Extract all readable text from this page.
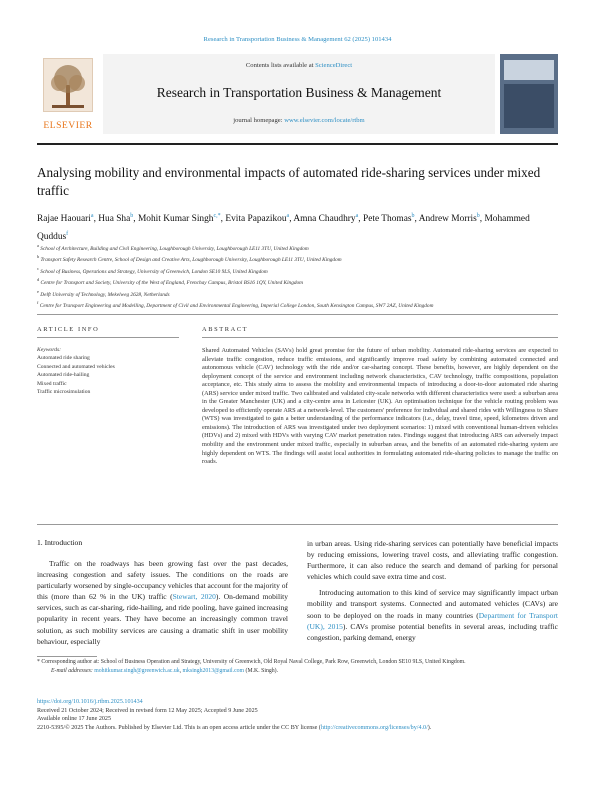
Research in Transportation Business & Management 62 (2025) 101434
ELSEVIER
Contents lists available at ScienceDirect
Research in Transportation Business & Management
journal homepage: www.elsevier.com/locate/rtbm
Analysing mobility and environmental impacts of automated ride-sharing services under mixed traffic
Rajae Haouari$^a$, Hua Sha$^b$, Mohit Kumar Singh$^{c,*}$, Evita Papazikou$^a$, Amna Chaudhry$^a$, Pete Thomas$^b$, Andrew Morris$^b$, Mohammed Quddus$^f$
$^a$ School of Architecture, Building and Civil Engineering, Loughborough University, Loughborough LE11 3TU, United Kingdom
$^b$ Transport Safety Research Centre, School of Design and Creative Arts, Loughborough University, Loughborough LE11 3TU, United Kingdom
$^c$ School of Business, Operations and Strategy, University of Greenwich, London SE10 9LS, United Kingdom
$^d$ Centre for Transport and Society, University of the West of England, Frenchay Campus, Bristol BS16 1QY, United Kingdom
$^e$ Delft University of Technology, Mekelweg 2628, Netherlands
$^f$ Centre for Transport Engineering and Modelling, Department of Civil and Environmental Engineering, Imperial College London, South Kensington Campus, SW7 2AZ, United Kingdom
ARTICLE INFO
Keywords:
Automated ride sharing
Connected and automated vehicles
Automated ride-hailing
Mixed traffic
Traffic microsimulation
ABSTRACT
Shared Automated Vehicles (SAVs) hold great promise for the future of urban mobility. Automated ride-sharing services are expected to alleviate traffic congestion, reduce traffic emissions, and significantly improve road safety by combining automated connected and autonomous vehicle (CAV) technology with the ride and/or car-sharing concept. These benefits, however, are highly dependent on the deployment concept of the service and environment including network characteristics, CAV technology, traffic compositions, population acceptance, etc. This study aims to assess the mobility and environmental impacts of introducing a door-to-door automated ride sharing (ARS) service under mixed traffic. Two calibrated and validated city-scale networks with different characteristics were used: a suburban area in the Greater Manchester (UK) and a city-centre area in Leicester (UK). An optimisation technique for the vehicle routing problem was developed to efficiently operate ARS at a network-level. The customers' preference for individual and shared rides with Willingness to Share (WTS) was investigated to gain a better understanding of the performance indicators (i.e., delay, travel time, speed, kilometres driven and emissions). The introduction of ARS was investigated under two deployment scenarios: 1) mixed with conventional human-driven vehicles (HDVs) and 2) mixed with HDVs with varying CAV market penetration rates. Findings suggest that introducing ARS can adversely impact mobility and the environment under mixed traffic, especially in suburban areas, and the benefits of an automated ride-sharing system are highly dependent on WTS. The findings will assist local authorities in formulating automated ride-sharing policies to manage the traffic on roads.
1. Introduction

Traffic on the roadways has been growing fast over the past decades, increasing congestion and safety issues. The conditions on the roads are particularly worsened by single-occupancy vehicles that account for the majority of this (more than 62 % in the UK) traffic (Stewart, 2020). On-demand mobility services, such as car-sharing, ride-hailing, and ride pooling, have gained increasing popularity in recent years. They have become an increasingly common travel solution, as such mobility services are causing a dramatic shift in user mobility behaviour, especially

in urban areas. Using ride-sharing services can potentially have beneficial impacts by reducing emissions, lowering travel costs, and alleviating traffic congestion. Furthermore, it can also reduce the search and demand of parking for personal vehicles which could save extra time and cost.

Introducing automation to this kind of service may significantly impact urban mobility and transport systems. Connected and automated vehicles (CAVs) are soon to be deployed on the roads in many countries (Department for Transport (UK), 2015). CAVs promise potential benefits in several areas, including traffic congestion, parking demand, energy

* Corresponding author at: School of Business Operation and Strategy, University of Greenwich, Old Royal Naval College, Park Row, Greenwich, London SE10 9LS, United Kingdom.
E-mail addresses: mohitkumar.singh@greenwich.ac.uk, mksingh2013@gmail.com (M.K. Singh).
https://doi.org/10.1016/j.rtbm.2025.101434
Received 21 October 2024; Received in revised form 12 May 2025; Accepted 9 June 2025
Available online 17 June 2025
2210-5395/© 2025 The Authors. Published by Elsevier Ltd. This is an open access article under the CC BY license (http://creativecommons.org/licenses/by/4.0/).
